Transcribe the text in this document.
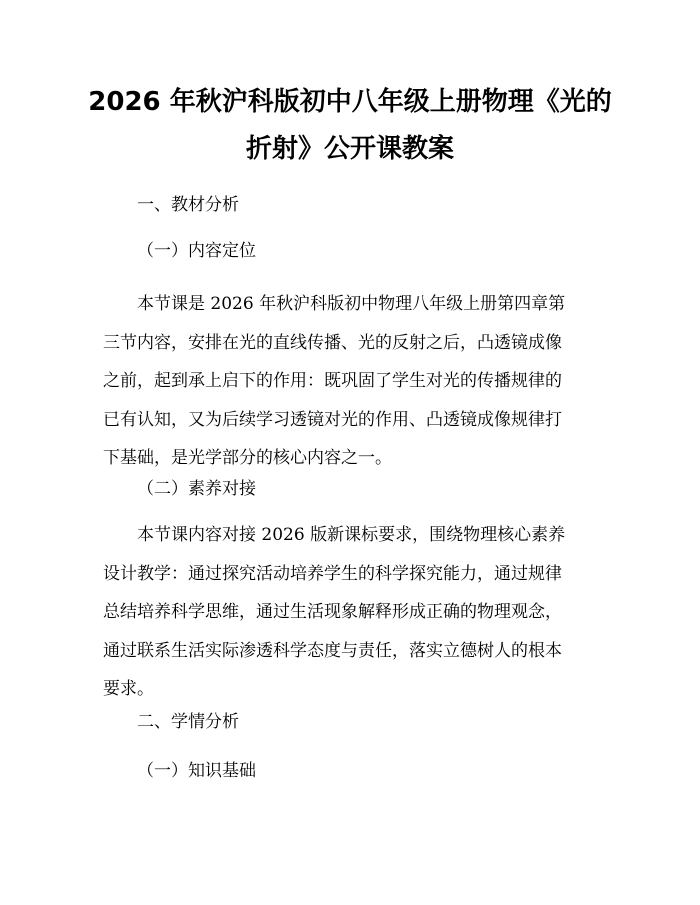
2026 年秋沪科版初中八年级上册物理《光的
折射》公开课教案
一、教材分析
（一）内容定位
本节课是 2026 年秋沪科版初中物理八年级上册第四章第
三节内容，安排在光的直线传播、光的反射之后，凸透镜成像
之前，起到承上启下的作用：既巩固了学生对光的传播规律的
已有认知，又为后续学习透镜对光的作用、凸透镜成像规律打
下基础，是光学部分的核心内容之一。
（二）素养对接
本节课内容对接 2026 版新课标要求，围绕物理核心素养
设计教学：通过探究活动培养学生的科学探究能力，通过规律
总结培养科学思维，通过生活现象解释形成正确的物理观念，
通过联系生活实际渗透科学态度与责任，落实立德树人的根本
要求。
二、学情分析
（一）知识基础
